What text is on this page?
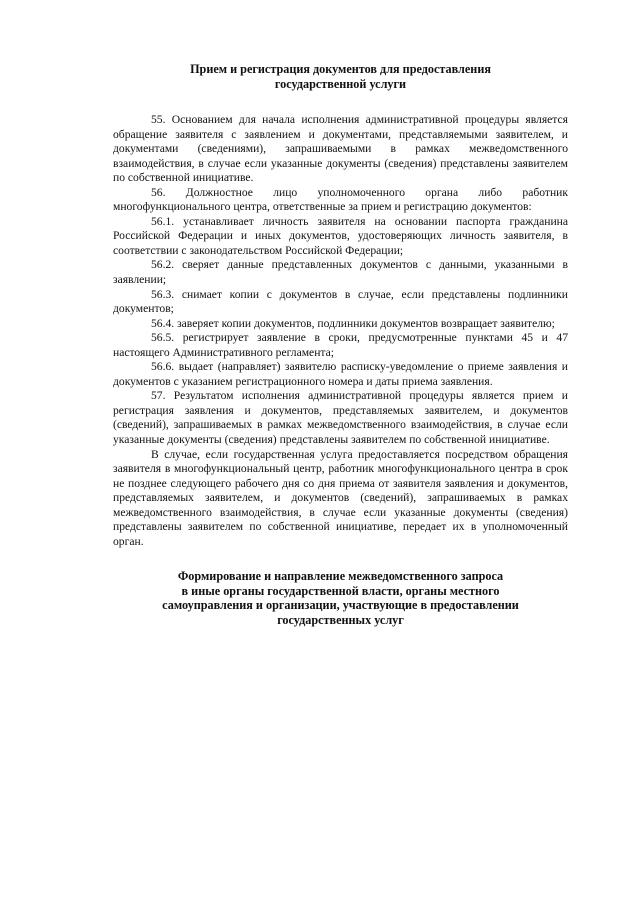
Прием и регистрация документов для предоставления
государственной услуги

55. Основанием для начала исполнения административной процедуры является обращение заявителя с заявлением и документами, представляемыми заявителем, и документами (сведениями), запрашиваемыми в рамках межведомственного взаимодействия, в случае если указанные документы (сведения) представлены заявителем по собственной инициативе.

56. Должностное лицо уполномоченного органа либо работник многофункционального центра, ответственные за прием и регистрацию документов:

56.1. устанавливает личность заявителя на основании паспорта гражданина Российской Федерации и иных документов, удостоверяющих личность заявителя, в соответствии с законодательством Российской Федерации;

56.2. сверяет данные представленных документов с данными, указанными в заявлении;

56.3. снимает копии с документов в случае, если представлены подлинники документов;

56.4. заверяет копии документов, подлинники документов возвращает заявителю;

56.5. регистрирует заявление в сроки, предусмотренные пунктами 45 и 47 настоящего Административного регламента;

56.6. выдает (направляет) заявителю расписку-уведомление о приеме заявления и документов с указанием регистрационного номера и даты приема заявления.

57. Результатом исполнения административной процедуры является прием и регистрация заявления и документов, представляемых заявителем, и документов (сведений), запрашиваемых в рамках межведомственного взаимодействия, в случае если указанные документы (сведения) представлены заявителем по собственной инициативе.

В случае, если государственная услуга предоставляется посредством обращения заявителя в многофункциональный центр, работник многофункционального центра в срок не позднее следующего рабочего дня со дня приема от заявителя заявления и документов, представляемых заявителем, и документов (сведений), запрашиваемых в рамках межведомственного взаимодействия, в случае если указанные документы (сведения) представлены заявителем по собственной инициативе, передает их в уполномоченный орган.

Формирование и направление межведомственного запроса
в иные органы государственной власти, органы местного
самоуправления и организации, участвующие в предоставлении
государственных услуг
